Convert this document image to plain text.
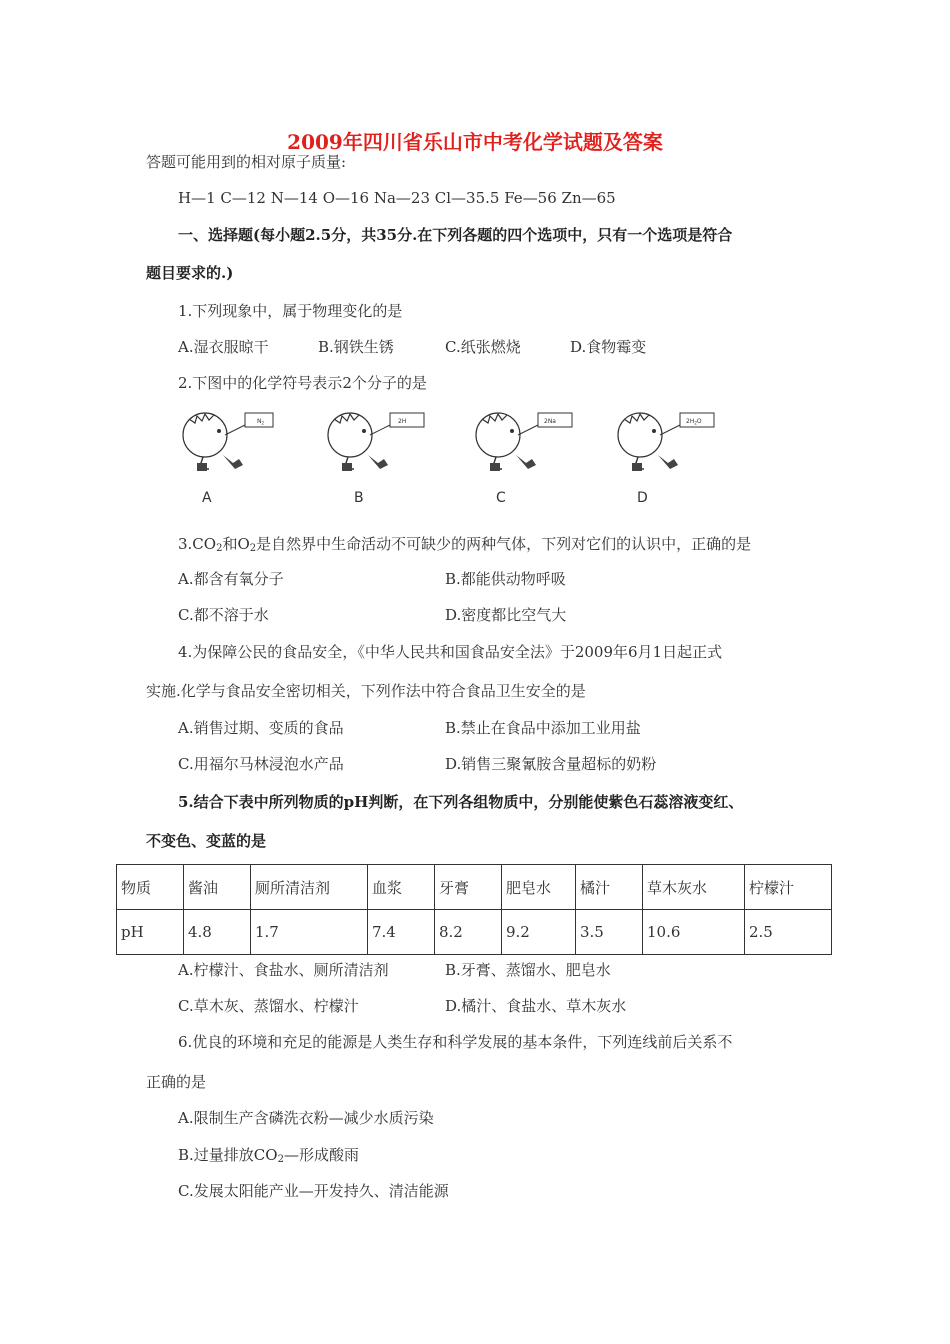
2009年四川省乐山市中考化学试题及答案
答题可能用到的相对原子质量:
H—1 C—12 N—14 O—16 Na—23 Cl—35.5 Fe—56 Zn—65
一、选择题(每小题2.5分，共35分.在下列各题的四个选项中，只有一个选项是符合
题目要求的.)
1.下列现象中，属于物理变化的是
A.湿衣服晾干	B.钢铁生锈	C.纸张燃烧	D.食物霉变
2.下图中的化学符号表示2个分子的是
$N_2$
A
2H
B
2Na
C
$2H_2O$
D
$3.CO_2$和$O_2$是自然界中生命活动不可缺少的两种气体，下列对它们的认识中，正确的是
A.都含有氧分子	B.都能供动物呼吸
C.都不溶于水	D.密度都比空气大
4.为保障公民的食品安全，《中华人民共和国食品安全法》于2009年6月1日起正式
实施.化学与食品安全密切相关，下列作法中符合食品卫生安全的是
A.销售过期、变质的食品	B.禁止在食品中添加工业用盐
C.用福尔马林浸泡水产品	D.销售三聚氰胺含量超标的奶粉
5.结合下表中所列物质的pH判断，在下列各组物质中，分别能使紫色石蕊溶液变红、
不变色、变蓝的是
物质	酱油	厕所清洁剂	血浆	牙膏	肥皂水	橘汁	草木灰水	柠檬汁
pH	4.8	1.7	7.4	8.2	9.2	3.5	10.6	2.5
A.柠檬汁、食盐水、厕所清洁剂	B.牙膏、蒸馏水、肥皂水
C.草木灰、蒸馏水、柠檬汁	D.橘汁、食盐水、草木灰水
6.优良的环境和充足的能源是人类生存和科学发展的基本条件，下列连线前后关系不
正确的是
A.限制生产含磷洗衣粉—减少水质污染
B.过量排放$CO_2—$形成酸雨
C.发展太阳能产业—开发持久、清洁能源
